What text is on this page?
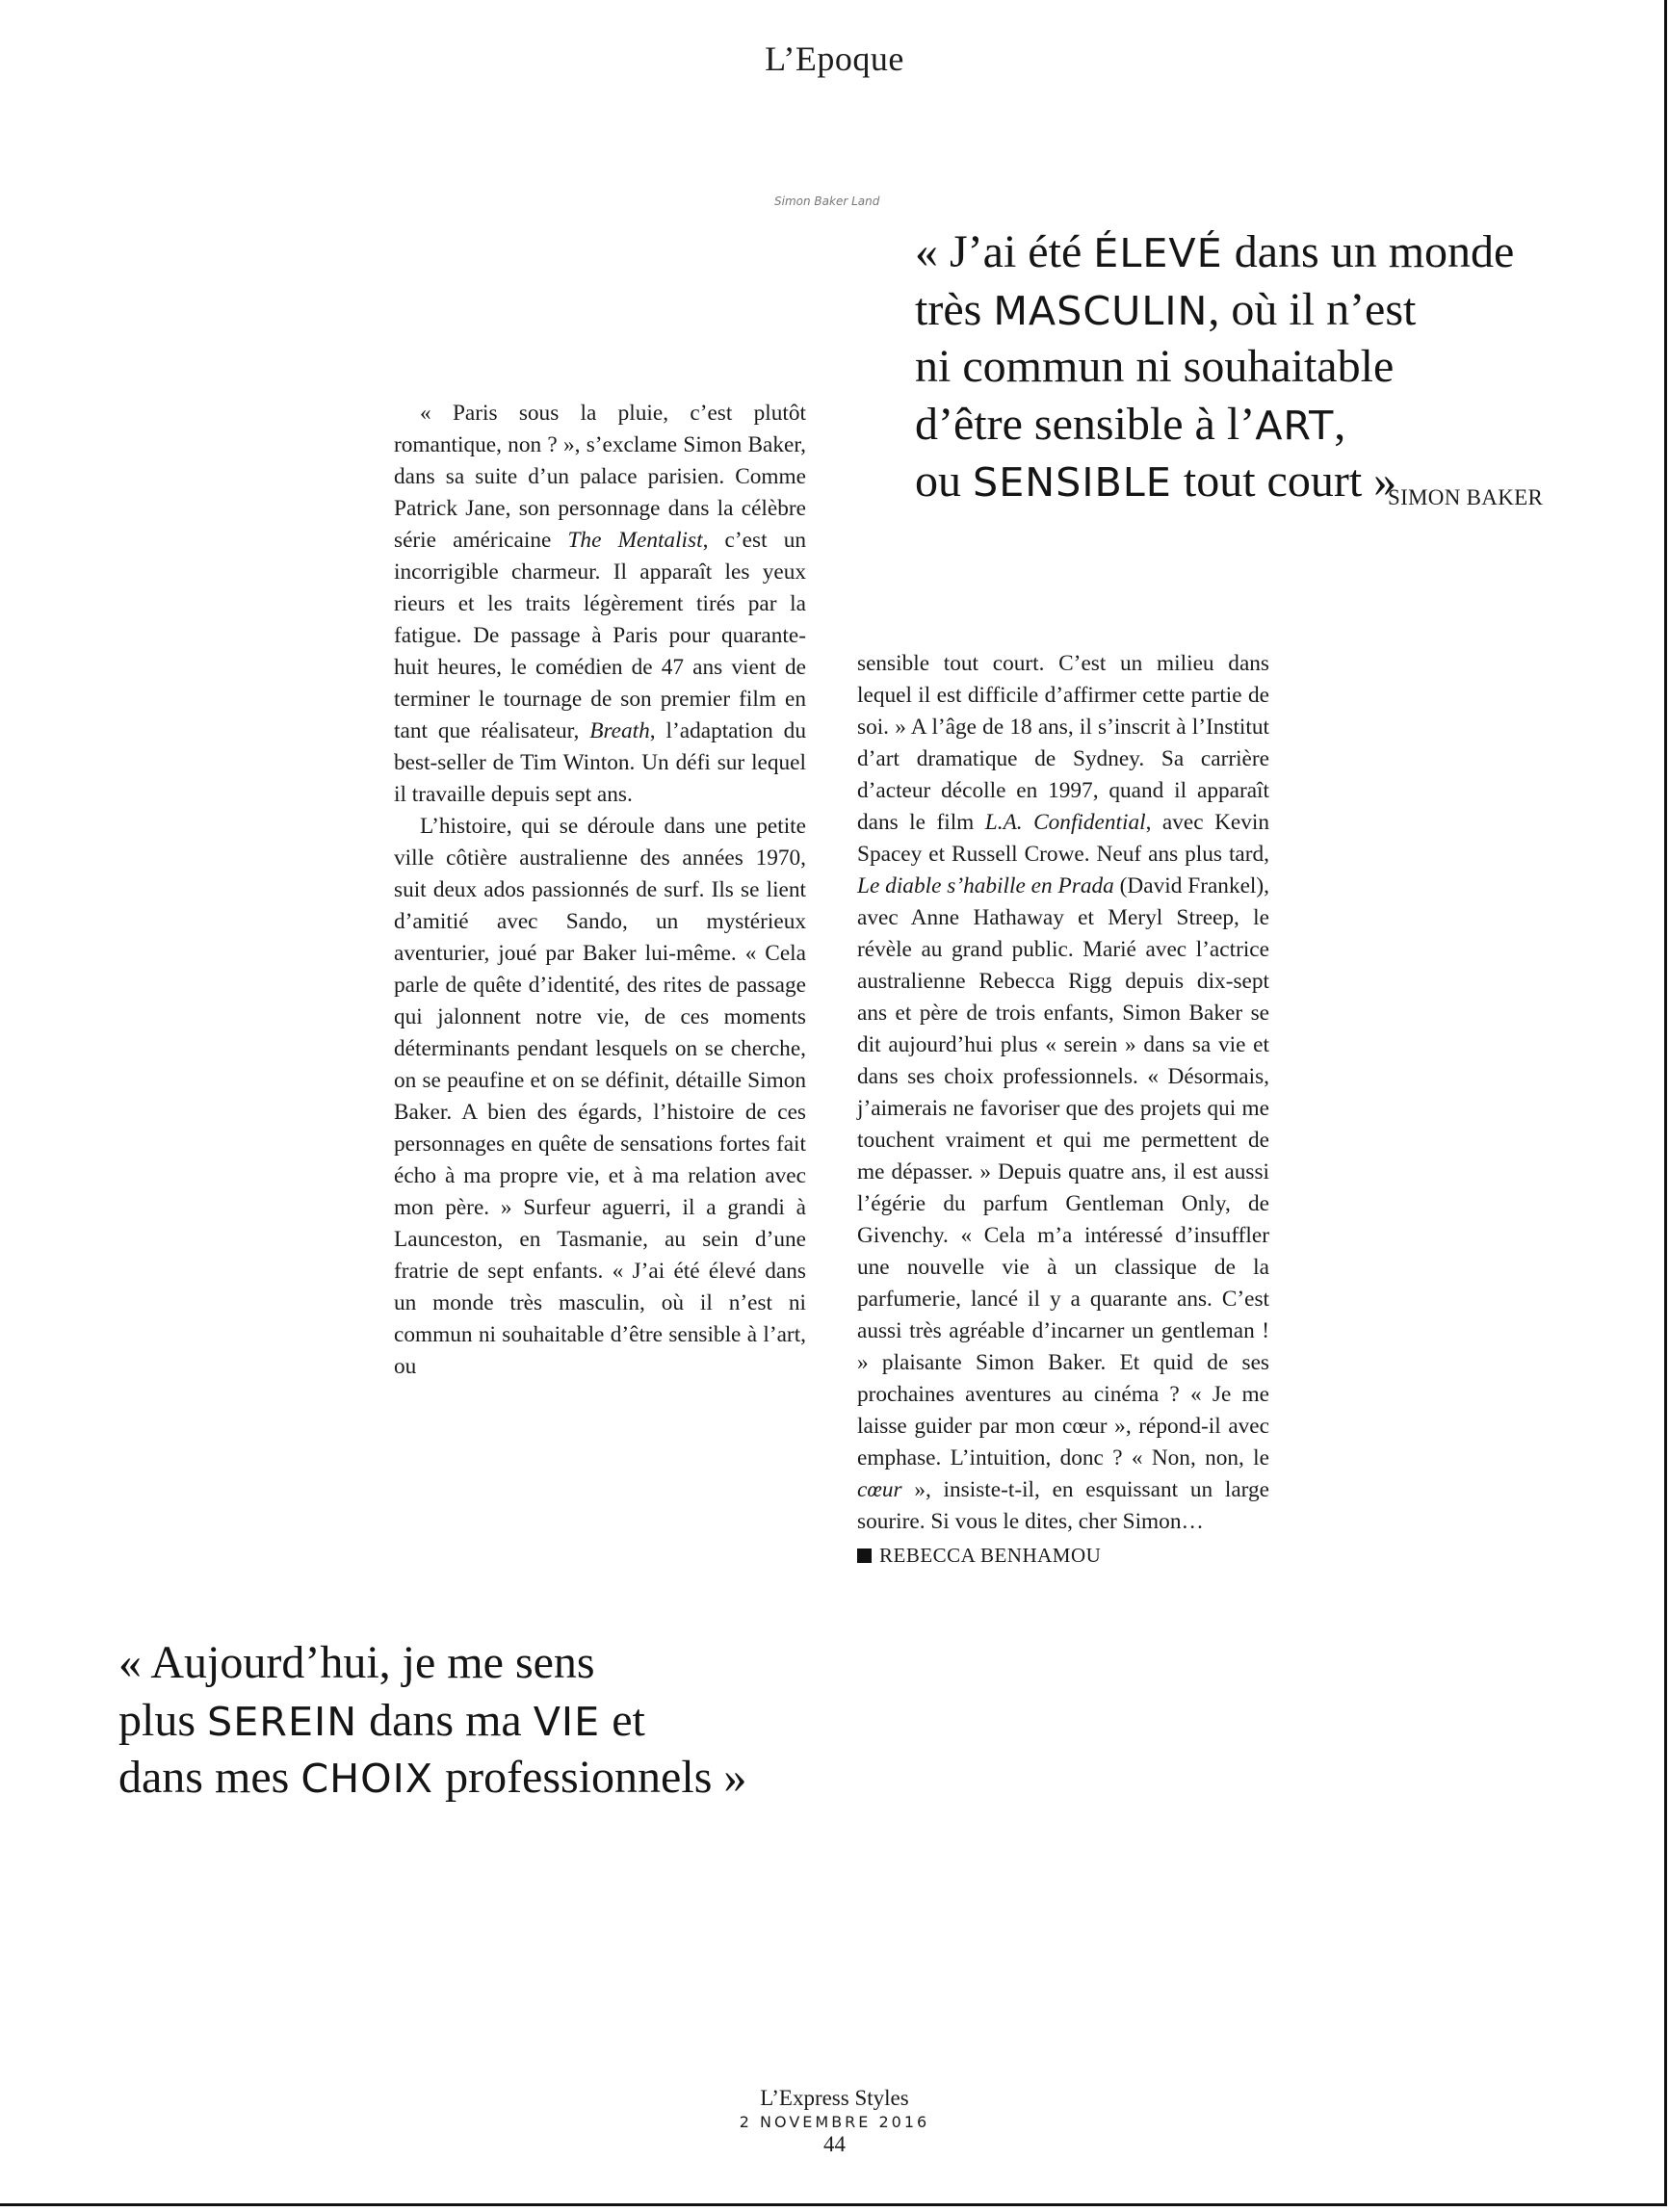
L’Epoque
Simon Baker Land
« J’ai été ÉLEVÉ dans un monde
très MASCULIN, où il n’est
ni commun ni souhaitable
d’être sensible à l’ART,
ou SENSIBLE tout court »
SIMON BAKER

« Paris sous la pluie, c’est plutôt romantique, non ? », s’exclame Simon Baker, dans sa suite d’un palace parisien. Comme Patrick Jane, son personnage dans la célèbre série américaine The Mentalist, c’est un incorrigible charmeur. Il apparaît les yeux rieurs et les traits légèrement tirés par la fatigue. De passage à Paris pour quarante-huit heures, le comédien de 47 ans vient de terminer le tournage de son premier film en tant que réalisateur, Breath, l’adaptation du best-seller de Tim Winton. Un défi sur lequel il travaille depuis sept ans.

L’histoire, qui se déroule dans une petite ville côtière australienne des années 1970, suit deux ados passionnés de surf. Ils se lient d’amitié avec Sando, un mystérieux aventurier, joué par Baker lui-même. « Cela parle de quête d’identité, des rites de passage qui jalonnent notre vie, de ces moments déterminants pendant lesquels on se cherche, on se peaufine et on se définit, détaille Simon Baker. A bien des égards, l’histoire de ces personnages en quête de sensations fortes fait écho à ma propre vie, et à ma relation avec mon père. » Surfeur aguerri, il a grandi à Launceston, en Tasmanie, au sein d’une fratrie de sept enfants. « J’ai été élevé dans un monde très masculin, où il n’est ni commun ni souhaitable d’être sensible à l’art, ou

sensible tout court. C’est un milieu dans lequel il est difficile d’affirmer cette partie de soi. » A l’âge de 18 ans, il s’inscrit à l’Institut d’art dramatique de Sydney. Sa carrière d’acteur décolle en 1997, quand il apparaît dans le film L.A. Confidential, avec Kevin Spacey et Russell Crowe. Neuf ans plus tard, Le diable s’habille en Prada (David Frankel), avec Anne Hathaway et Meryl Streep, le révèle au grand public. Marié avec l’actrice australienne Rebecca Rigg depuis dix-sept ans et père de trois enfants, Simon Baker se dit aujourd’hui plus « serein » dans sa vie et dans ses choix professionnels. « Désormais, j’aimerais ne favoriser que des projets qui me touchent vraiment et qui me permettent de me dépasser. » Depuis quatre ans, il est aussi l’égérie du parfum Gentleman Only, de Givenchy. « Cela m’a intéressé d’insuffler une nouvelle vie à un classique de la parfumerie, lancé il y a quarante ans. C’est aussi très agréable d’incarner un gentleman ! » plaisante Simon Baker. Et quid de ses prochaines aventures au cinéma ? « Je me laisse guider par mon cœur », répond-il avec emphase. L’intuition, donc ? « Non, non, le cœur », insiste-t-il, en esquissant un large sourire. Si vous le dites, cher Simon…

REBECCA BENHAMOU
« Aujourd’hui, je me sens
plus SEREIN dans ma VIE et
dans mes CHOIX professionnels »
L’Express Styles
2 NOVEMBRE 2016
44
